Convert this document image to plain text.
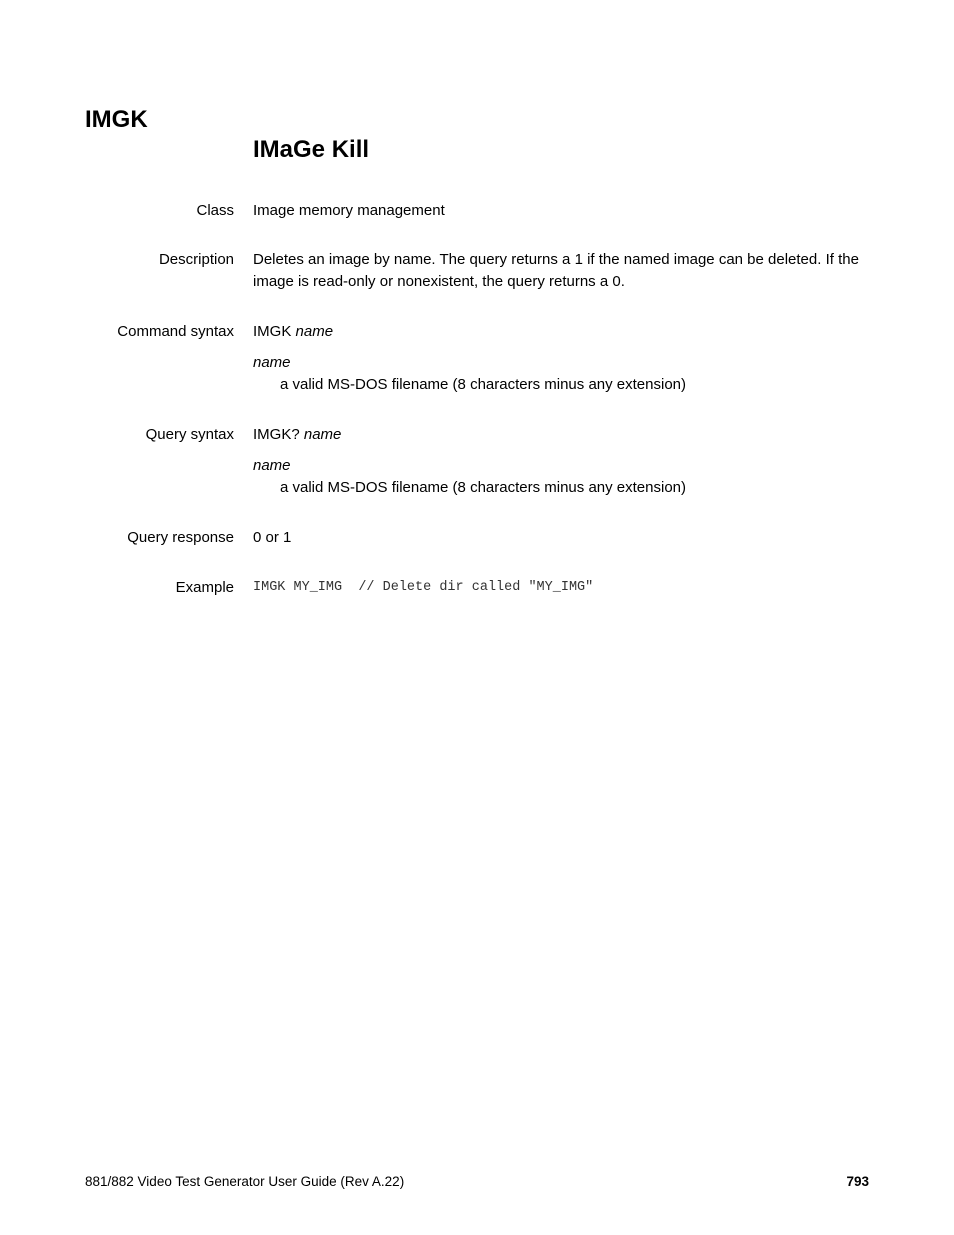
IMGK
IMaGe Kill
Class Image memory management
Description Deletes an image by name. The query returns a 1 if the named image can be deleted. If the image is read-only or nonexistent, the query returns a 0.
Command syntax IMGK name
name
a valid MS-DOS filename (8 characters minus any extension)
Query syntax IMGK? name
name
a valid MS-DOS filename (8 characters minus any extension)
Query response 0 or 1
Example IMGK MY_IMG  // Delete dir called "MY_IMG"
881/882 Video Test Generator User Guide (Rev A.22)	793
